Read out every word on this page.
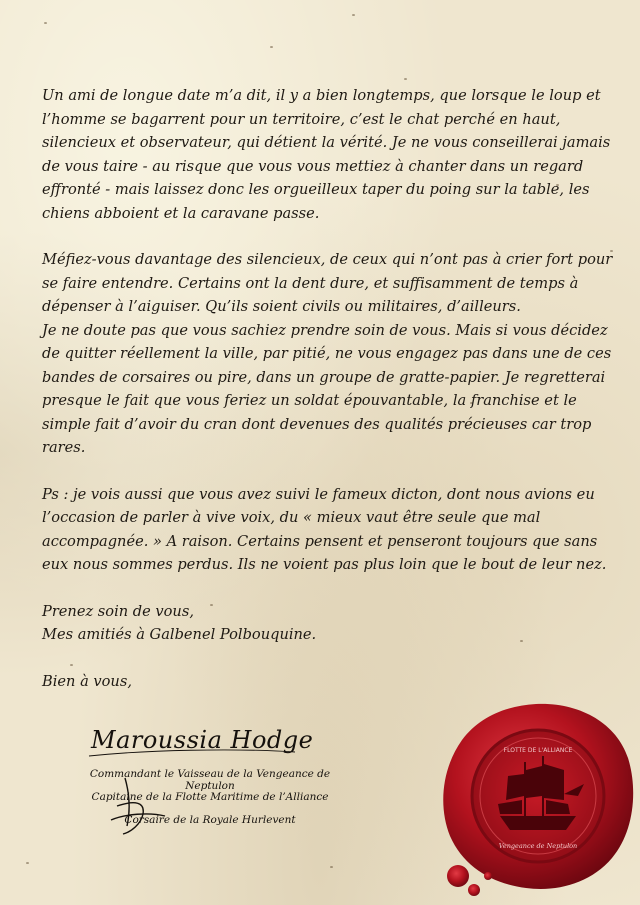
Un ami de longue date m’a dit, il y a bien longtemps, que lorsque le loup et l’homme se bagarrent pour un territoire, c’est le chat perché en haut, silencieux et observateur, qui détient la vérité. Je ne vous conseillerai jamais de vous taire - au risque que vous vous mettiez à chanter dans un regard effronté - mais laissez donc les orgueilleux taper du poing sur la table, les chiens abboient et la caravane passe.

Méfiez-vous davantage des silencieux, de ceux qui n’ont pas à crier fort pour se faire entendre. Certains ont la dent dure, et suffisamment de temps à dépenser à l’aiguiser. Qu’ils soient civils ou militaires, d’ailleurs.

Je ne doute pas que vous sachiez prendre soin de vous. Mais si vous décidez de quitter réellement la ville, par pitié, ne vous engagez pas dans une de ces bandes de corsaires ou pire, dans un groupe de gratte-papier. Je regretterai presque le fait que vous feriez un soldat épouvantable, la franchise et le simple fait d’avoir du cran dont devenues des qualités précieuses car trop rares.

Ps : je vois aussi que vous avez suivi le fameux dicton, dont nous avions eu l’occasion de parler à vive voix, du « mieux vaut être seule que mal accompagnée. » A raison. Certains pensent et penseront toujours que sans eux nous sommes perdus. Ils ne voient pas plus loin que le bout de leur nez.

Prenez soin de vous,

Mes amitiés à Galbenel Polbouquine.

Bien à vous,

Maroussia Hodge
Commandant le Vaisseau de la Vengeance de Neptulon
Capitaine de la Flotte Maritime de l’Alliance
Corsaire de la Royale Hurlevent
FLOTTE DE L'ALLIANCE
Vengeance de Neptulon
